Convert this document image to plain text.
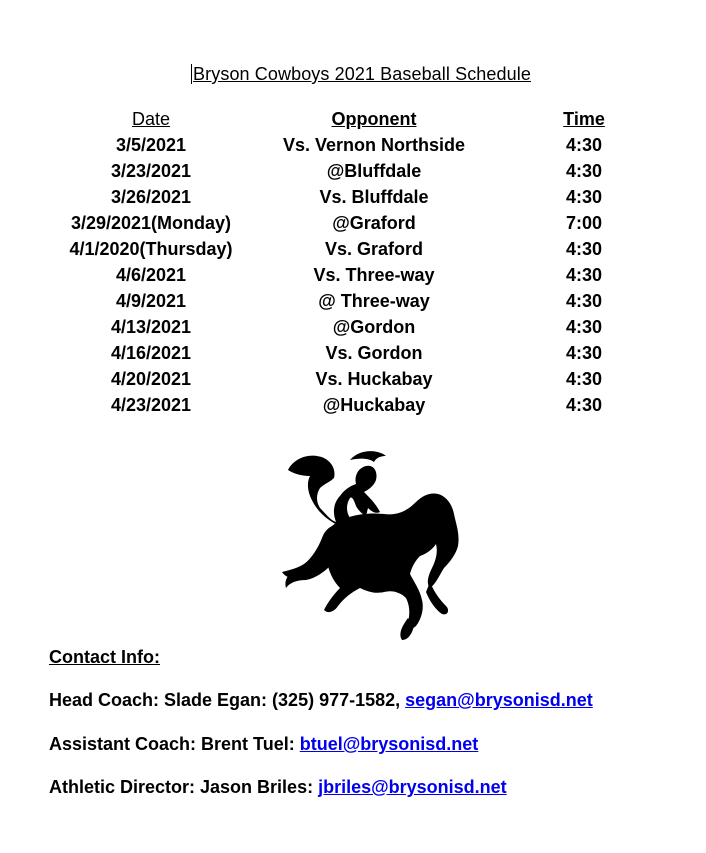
Bryson Cowboys 2021 Baseball Schedule
Date	Opponent	Time
3/5/2021	Vs. Vernon Northside	4:30
3/23/2021	@Bluffdale	4:30
3/26/2021	Vs. Bluffdale	4:30
3/29/2021(Monday)	@Graford	7:00
4/1/2020(Thursday)	Vs. Graford	4:30
4/6/2021	Vs. Three-way	4:30
4/9/2021	@ Three-way	4:30
4/13/2021	@Gordon	4:30
4/16/2021	Vs. Gordon	4:30
4/20/2021	Vs. Huckabay	4:30
4/23/2021	@Huckabay	4:30
Contact Info:
Head Coach: Slade Egan: (325) 977-1582, segan@brysonisd.net
Assistant Coach: Brent Tuel: btuel@brysonisd.net
Athletic Director: Jason Briles: jbriles@brysonisd.net
